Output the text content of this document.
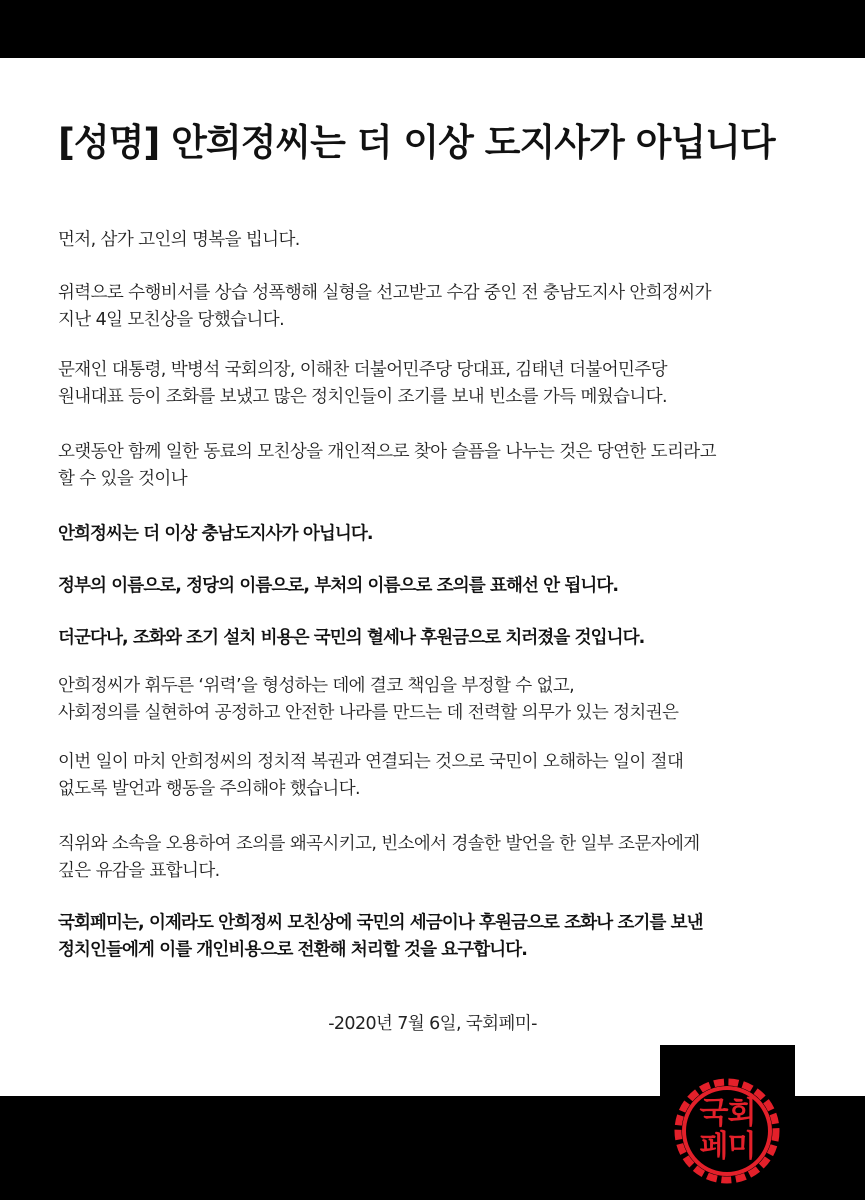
[성명] 안희정씨는 더 이상 도지사가 아닙니다
먼저, 삼가 고인의 명복을 빕니다.
위력으로 수행비서를 상습 성폭행해 실형을 선고받고 수감 중인 전 충남도지사 안희정씨가
지난 4일 모친상을 당했습니다.
문재인 대통령, 박병석 국회의장, 이해찬 더불어민주당 당대표, 김태년 더불어민주당
원내대표 등이 조화를 보냈고 많은 정치인들이 조기를 보내 빈소를 가득 메웠습니다.
오랫동안 함께 일한 동료의 모친상을 개인적으로 찾아 슬픔을 나누는 것은 당연한 도리라고
할 수 있을 것이나
안희정씨는 더 이상 충남도지사가 아닙니다.
정부의 이름으로, 정당의 이름으로, 부처의 이름으로 조의를 표해선 안 됩니다.
더군다나, 조화와 조기 설치 비용은 국민의 혈세나 후원금으로 치러졌을 것입니다.
안희정씨가 휘두른 ‘위력’을 형성하는 데에 결코 책임을 부정할 수 없고,
사회정의를 실현하여 공정하고 안전한 나라를 만드는 데 전력할 의무가 있는 정치권은
이번 일이 마치 안희정씨의 정치적 복권과 연결되는 것으로 국민이 오해하는 일이 절대
없도록 발언과 행동을 주의해야 했습니다.
직위와 소속을 오용하여 조의를 왜곡시키고, 빈소에서 경솔한 발언을 한 일부 조문자에게
깊은 유감을 표합니다.
국회페미는, 이제라도 안희정씨 모친상에 국민의 세금이나 후원금으로 조화나 조기를 보낸
정치인들에게 이를 개인비용으로 전환해 처리할 것을 요구합니다.
-2020년 7월 6일, 국회페미-
국회
페미
